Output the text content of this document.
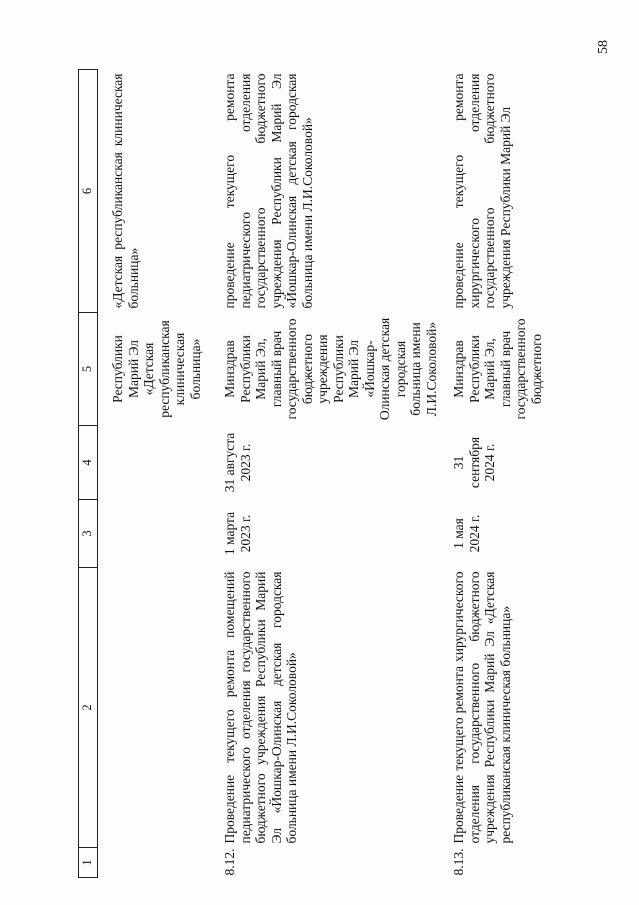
58
1	2	3	4	5	6
				Республики Марий Эл «Детская республиканская клиническая больница»	«Детская республиканская клиническая больница»
8.12.	Проведение текущего ремонта помещений педиатрического отделения государственного бюджетного учреждения Республики Марий Эл «Йошкар-Олинская детская городская больница имени Л.И.Соколовой»	1 марта 2023 г.	31 августа 2023 г.	Минздрав Республики Марий Эл, главный врач государственного бюджетного учреждения Республики Марий Эл «Йошкар-Олинская детская городская больница имени Л.И.Соколовой»	проведение текущего ремонта педиатрического отделения государственного бюджетного учреждения Республики Марий Эл «Йошкар-Олинская детская городская больница имени Л.И.Соколовой»
8.13.	Проведение текущего ремонта хирургического отделения государственного бюджетного учреждения Республики Марий Эл «Детская республиканская клиническая больница»	1 мая 2024 г.	31 сентября 2024 г.	Минздрав Республики Марий Эл, главный врач государственного бюджетного	проведение текущего ремонта хирургического отделения государственного бюджетного учреждения Республики Марий Эл
